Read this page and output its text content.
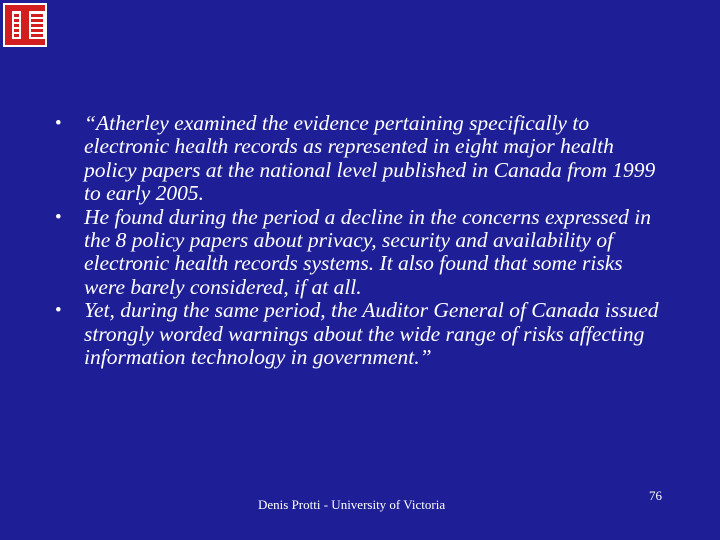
• “Atherley examined the evidence pertaining specifically to electronic health records as represented in eight major health policy papers at the national level published in Canada from 1999 to early 2005.
• He found during the period a decline in the concerns expressed in the 8 policy papers about privacy, security and availability of electronic health records systems. It also found that some risks were barely considered, if at all.
• Yet, during the same period, the Auditor General of Canada issued strongly worded warnings about the wide range of risks affecting information technology in government.”
Denis Protti - University of Victoria
76
